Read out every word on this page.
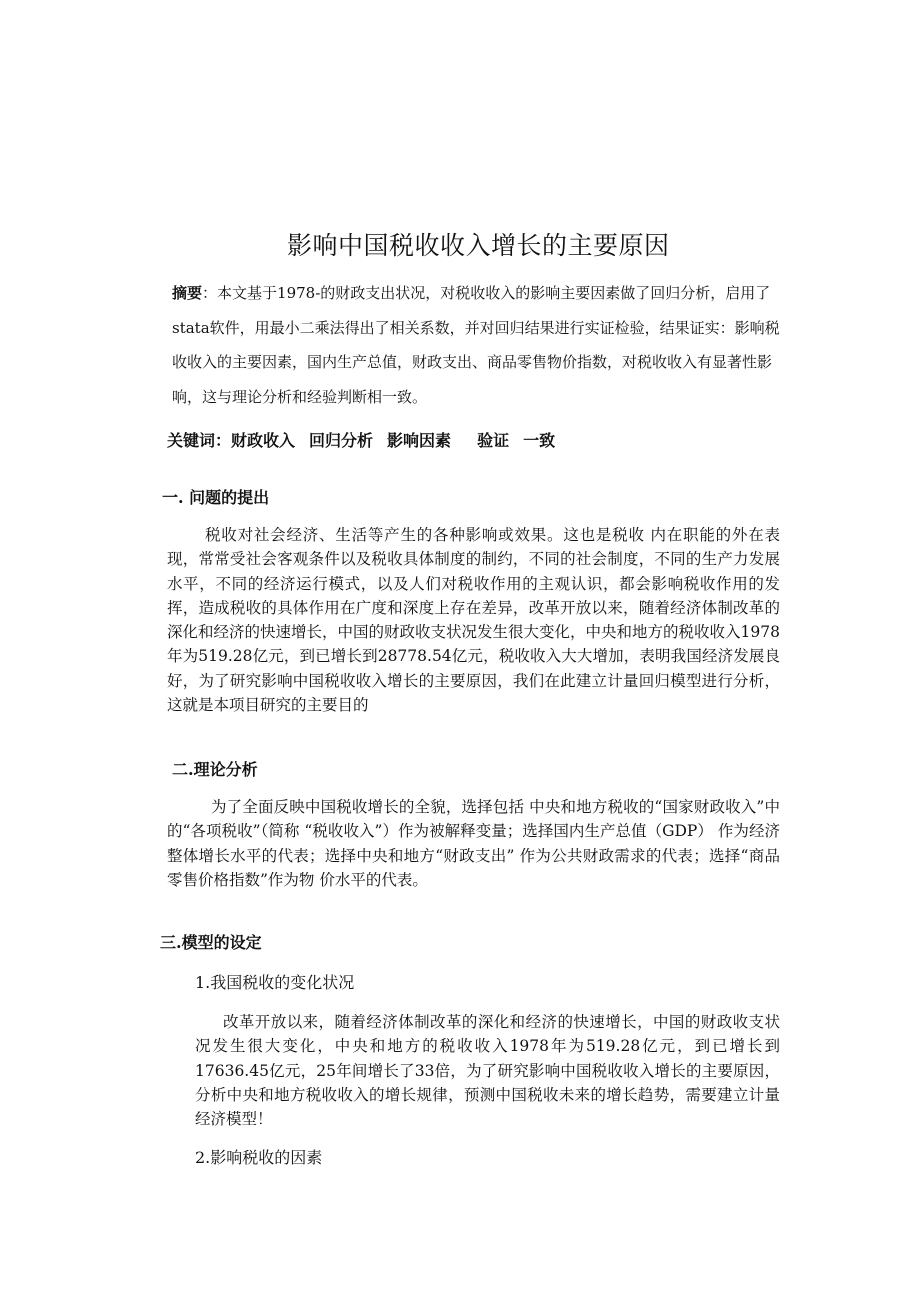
影响中国税收收入增长的主要原因
摘要：本文基于1978-的财政支出状况，对税收收入的影响主要因素做了回归分析，启用了stata软件，用最小二乘法得出了相关系数，并对回归结果进行实证检验，结果证实：影响税收收入的主要因素，国内生产总值，财政支出、商品零售物价指数，对税收收入有显著性影响，这与理论分析和经验判断相一致。
关键词：财政收入 回归分析 影响因素 验证 一致
一. 问题的提出
税收对社会经济、生活等产生的各种影响或效果。这也是税收 内在职能的外在表现，常常受社会客观条件以及税收具体制度的制约，不同的社会制度，不同的生产力发展水平，不同的经济运行模式，以及人们对税收作用的主观认识，都会影响税收作用的发挥，造成税收的具体作用在广度和深度上存在差异，改革开放以来，随着经济体制改革的深化和经济的快速增长，中国的财政收支状况发生很大变化，中央和地方的税收收入1978年为519.28亿元，到已增长到28778.54亿元，税收收入大大增加，表明我国经济发展良好，为了研究影响中国税收收入增长的主要原因，我们在此建立计量回归模型进行分析，这就是本项目研究的主要目的
二.理论分析
为了全面反映中国税收增长的全貌，选择包括 中央和地方税收的“国家财政收入”中的“各项税收”（简称 “税收收入”）作为被解释变量；选择国内生产总值（GDP） 作为经济整体增长水平的代表；选择中央和地方“财政支出” 作为公共财政需求的代表；选择“商品零售价格指数”作为物 价水平的代表。
三.模型的设定
1.我国税收的变化状况
改革开放以来，随着经济体制改革的深化和经济的快速增长，中国的财政收支状况发生很大变化，中央和地方的税收收入1978年为519.28亿元，到已增长到17636.45亿元，25年间增长了33倍，为了研究影响中国税收收入增长的主要原因，分析中央和地方税收收入的增长规律，预测中国税收未来的增长趋势，需要建立计量经济模型！
2.影响税收的因素
